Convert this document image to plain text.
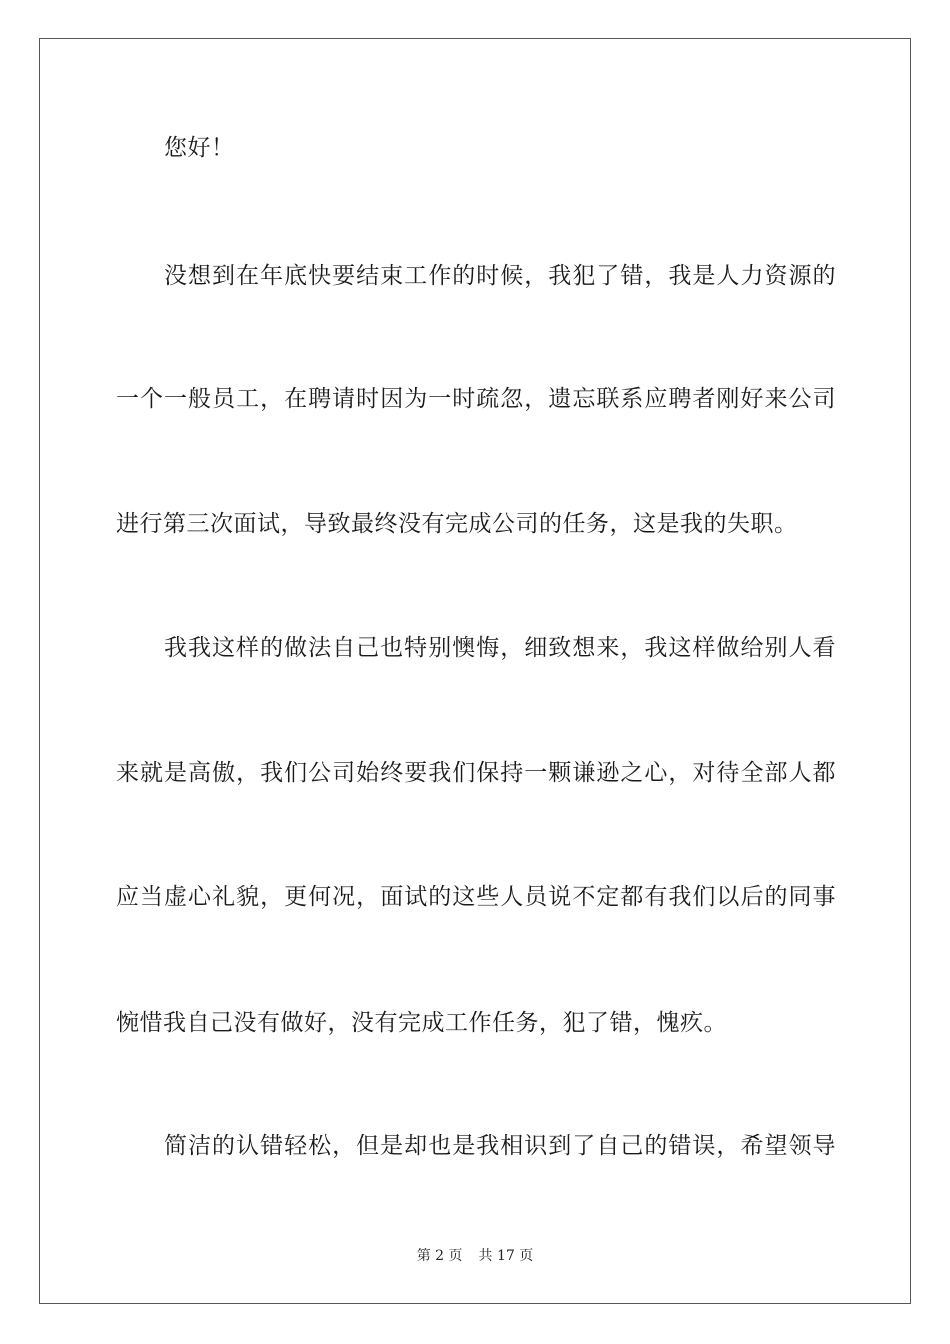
您好！
没想到在年底快要结束工作的时候，我犯了错，我是人力资源的
一个一般员工，在聘请时因为一时疏忽，遗忘联系应聘者刚好来公司
进行第三次面试，导致最终没有完成公司的任务，这是我的失职。
我我这样的做法自己也特别懊悔，细致想来，我这样做给别人看
来就是高傲，我们公司始终要我们保持一颗谦逊之心，对待全部人都
应当虚心礼貌，更何况，面试的这些人员说不定都有我们以后的同事
惋惜我自己没有做好，没有完成工作任务，犯了错，愧疚。
简洁的认错轻松，但是却也是我相识到了自己的错误，希望领导
第 2 页 共 17 页
